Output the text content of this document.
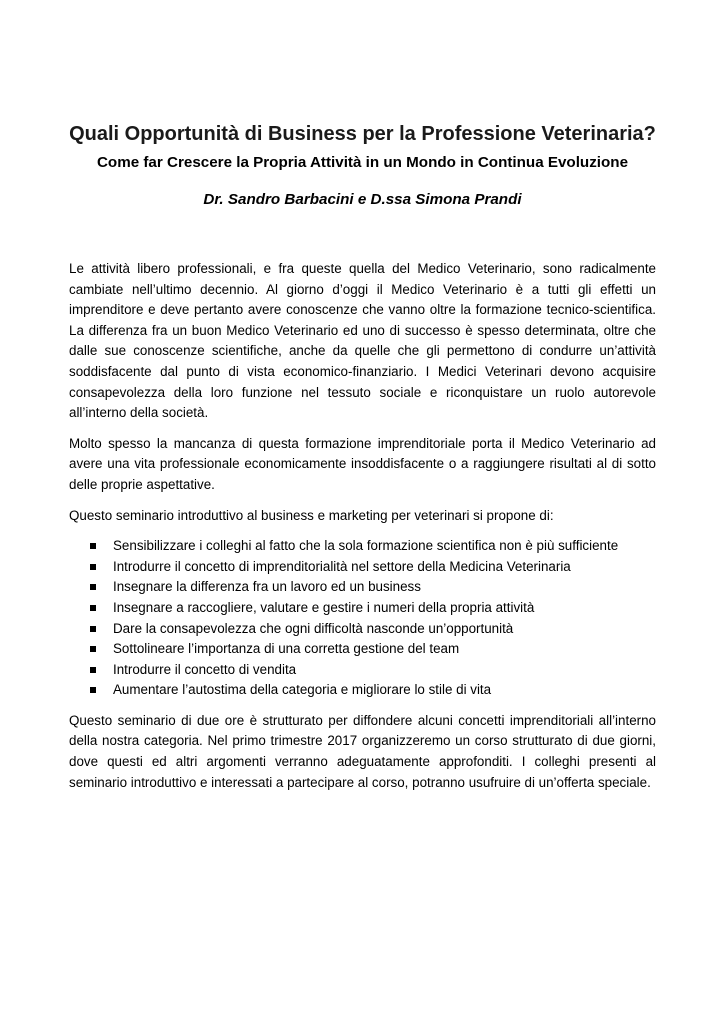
Quali Opportunità di Business per la Professione Veterinaria?
Come far Crescere la Propria Attività in un Mondo in Continua Evoluzione
Dr. Sandro Barbacini e D.ssa Simona Prandi

Le attività libero professionali, e fra queste quella del Medico Veterinario, sono radicalmente cambiate nell’ultimo decennio. Al giorno d’oggi il Medico Veterinario è a tutti gli effetti un imprenditore e deve pertanto avere conoscenze che vanno oltre la formazione tecnico-scientifica. La differenza fra un buon Medico Veterinario ed uno di successo è spesso determinata, oltre che dalle sue conoscenze scientifiche, anche da quelle che gli permettono di condurre un’attività soddisfacente dal punto di vista economico-finanziario. I Medici Veterinari devono acquisire consapevolezza della loro funzione nel tessuto sociale e riconquistare un ruolo autorevole all’interno della società.

Molto spesso la mancanza di questa formazione imprenditoriale porta il Medico Veterinario ad avere una vita professionale economicamente insoddisfacente o a raggiungere risultati al di sotto delle proprie aspettative.

Questo seminario introduttivo al business e marketing per veterinari si propone di:

Sensibilizzare i colleghi al fatto che la sola formazione scientifica non è più sufficiente
Introdurre il concetto di imprenditorialità nel settore della Medicina Veterinaria
Insegnare la differenza fra un lavoro ed un business
Insegnare a raccogliere, valutare e gestire i numeri della propria attività
Dare la consapevolezza che ogni difficoltà nasconde un’opportunità
Sottolineare l’importanza di una corretta gestione del team
Introdurre il concetto di vendita
Aumentare l’autostima della categoria e migliorare lo stile di vita

Questo seminario di due ore è strutturato per diffondere alcuni concetti imprenditoriali all’interno della nostra categoria. Nel primo trimestre 2017 organizzeremo un corso strutturato di due giorni, dove questi ed altri argomenti verranno adeguatamente approfonditi. I colleghi presenti al seminario introduttivo e interessati a partecipare al corso, potranno usufruire di un’offerta speciale.
